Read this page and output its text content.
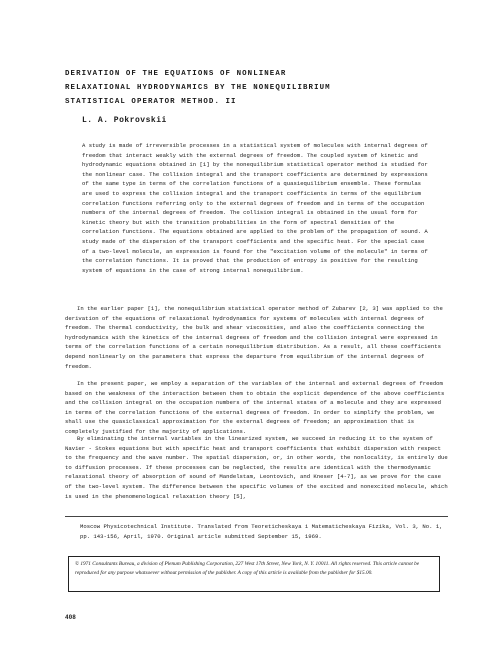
DERIVATION OF THE EQUATIONS OF NONLINEAR
RELAXATIONAL HYDRODYNAMICS BY THE NONEQUILIBRIUM
STATISTICAL OPERATOR METHOD. II
L. A. Pokrovskii

A study is made of irreversible processes in a statistical system of molecules with internal degrees of freedom that interact weakly with the external degrees of freedom. The coupled system of kinetic and hydrodynamic equations obtained in [1] by the nonequilibrium statistical operator method is studied for the nonlinear case. The collision integral and the transport coefficients are determined by expressions of the same type in terms of the correlation functions of a quasiequilibrium ensemble. These formulas are used to express the collision integral and the transport coefficients in terms of the equilibrium correlation functions referring only to the external degrees of freedom and in terms of the occupation numbers of the internal degrees of freedom. The collision integral is obtained in the usual form for kinetic theory but with the transition probabilities in the form of spectral densities of the correlation functions. The equations obtained are applied to the problem of the propagation of sound. A study made of the dispersion of the transport coefficients and the specific heat. For the special case of a two-level molecule, an expression is found for the "excitation volume of the molecule" in terms of the correlation functions. It is proved that the production of entropy is positive for the resulting system of equations in the case of strong internal nonequilibrium.

In the earlier paper [1], the nonequilibrium statistical operator method of Zubarev [2, 3] was applied to the derivation of the equations of relaxational hydrodynamics for systems of molecules with internal degrees of freedom. The thermal conductivity, the bulk and shear viscosities, and also the coefficients connecting the hydrodynamics with the kinetics of the internal degrees of freedom and the collision integral were expressed in terms of the correlation functions of a certain nonequilibrium distribution. As a result, all these coefficients depend nonlinearly on the parameters that express the departure from equilibrium of the internal degrees of freedom.

In the present paper, we employ a separation of the variables of the internal and external degrees of freedom based on the weakness of the interaction between them to obtain the explicit dependence of the above coefficients and the collision integral on the occupation numbers of the internal states of a molecule and they are expressed in terms of the correlation functions of the external degrees of freedom. In order to simplify the problem, we shall use the quasiclassical approximation for the external degrees of freedom; an approximation that is completely justified for the majority of applications.

By eliminating the internal variables in the linearized system, we succeed in reducing it to the system of Navier - Stokes equations but with specific heat and transport coefficients that exhibit dispersion with respect to the frequency and the wave number. The spatial dispersion, or, in other words, the nonlocality, is entirely due to diffusion processes. If these processes can be neglected, the results are identical with the thermodynamic relaxational theory of absorption of sound of Mandelstam, Leontovich, and Kneser [4-7], as we prove for the case of the two-level system. The difference between the specific volumes of the excited and nonexcited molecule, which is used in the phenomenological relaxation theory [5],

Moscow Physicotechnical Institute. Translated from Teoreticheskaya i Matematicheskaya Fizika, Vol. 3, No. 1, pp. 143-156, April, 1970. Original article submitted September 15, 1969.

© 1971 Consultants Bureau, a division of Plenum Publishing Corporation, 227 West 17th Street, New York, N. Y. 10011. All rights reserved. This article cannot be reproduced for any purpose whatsoever without permission of the publisher. A copy of this article is available from the publisher for $15.00.

408
